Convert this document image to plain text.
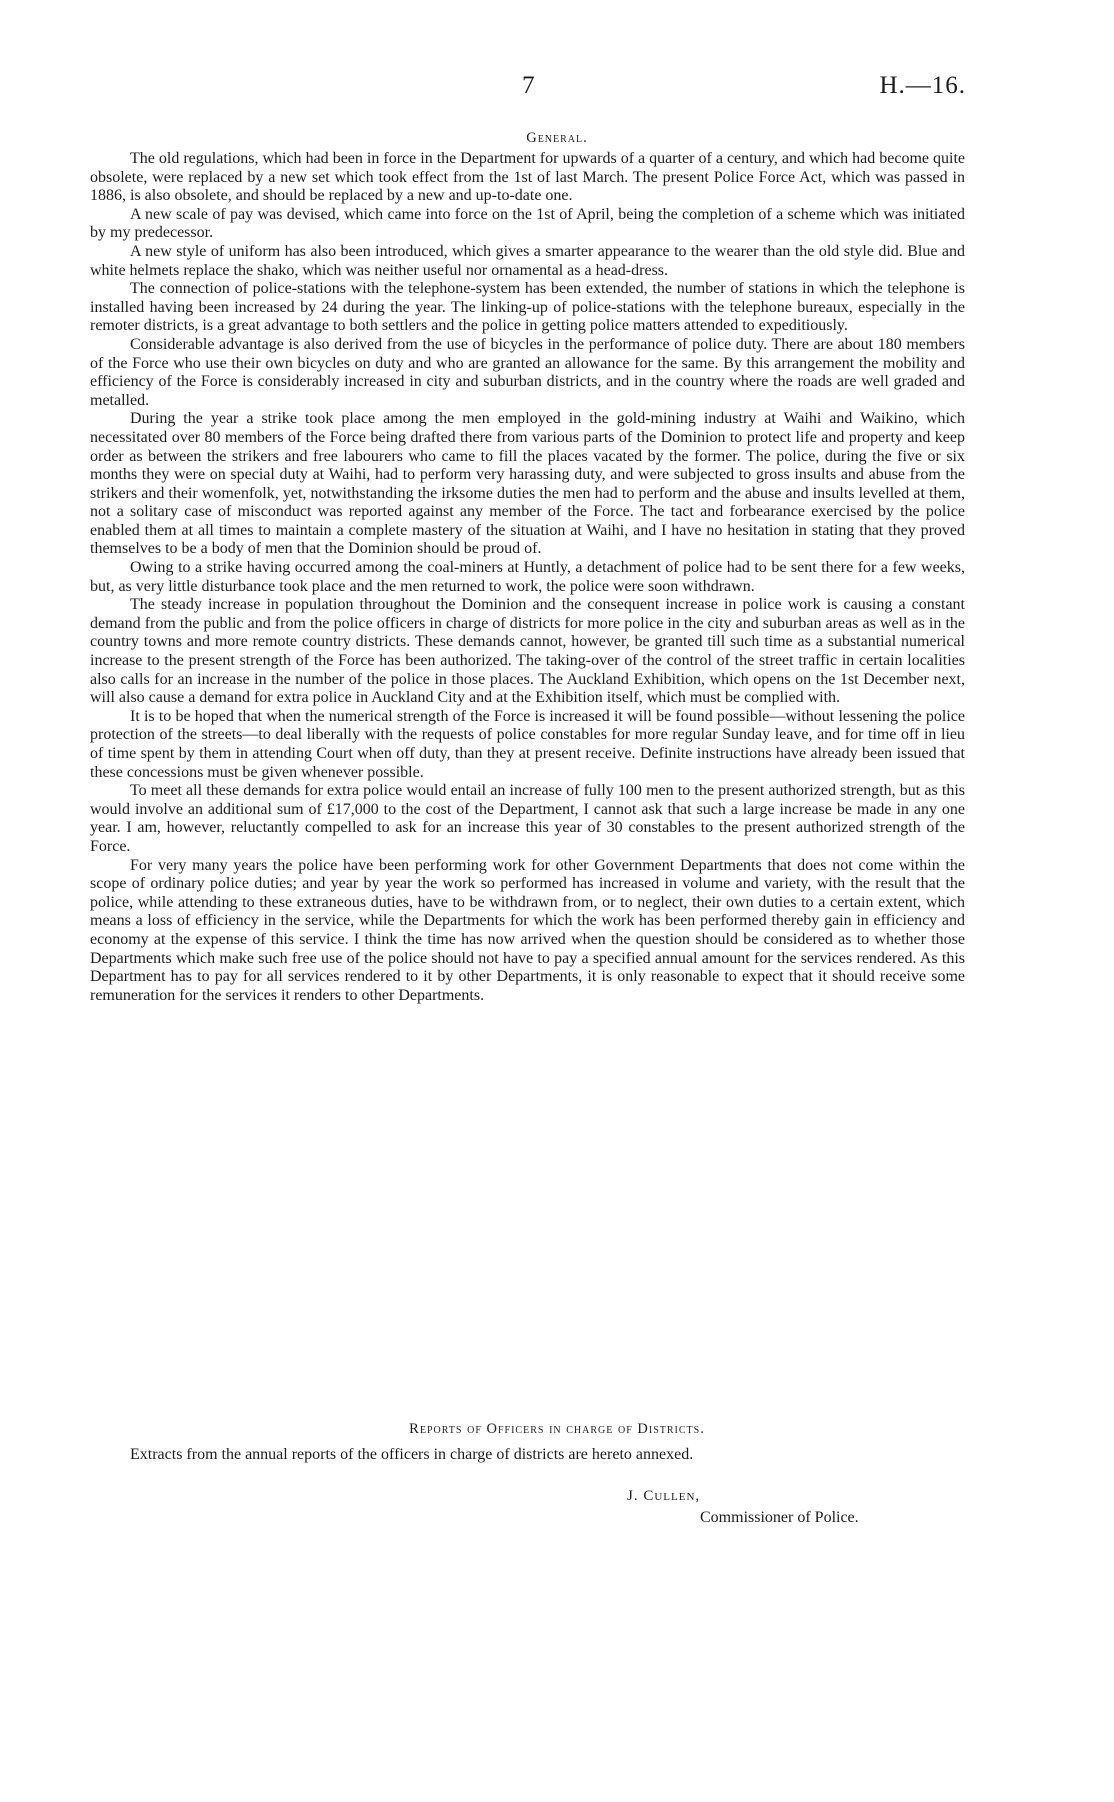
7	H.—16.
General.

The old regulations, which had been in force in the Department for upwards of a quarter of a century, and which had become quite obsolete, were replaced by a new set which took effect from the 1st of last March. The present Police Force Act, which was passed in 1886, is also obsolete, and should be replaced by a new and up-to-date one.

A new scale of pay was devised, which came into force on the 1st of April, being the completion of a scheme which was initiated by my predecessor.

A new style of uniform has also been introduced, which gives a smarter appearance to the wearer than the old style did. Blue and white helmets replace the shako, which was neither useful nor ornamental as a head-dress.

The connection of police-stations with the telephone-system has been extended, the number of stations in which the telephone is installed having been increased by 24 during the year. The linking-up of police-stations with the telephone bureaux, especially in the remoter districts, is a great advantage to both settlers and the police in getting police matters attended to expeditiously.

Considerable advantage is also derived from the use of bicycles in the performance of police duty. There are about 180 members of the Force who use their own bicycles on duty and who are granted an allowance for the same. By this arrangement the mobility and efficiency of the Force is considerably increased in city and suburban districts, and in the country where the roads are well graded and metalled.

During the year a strike took place among the men employed in the gold-mining industry at Waihi and Waikino, which necessitated over 80 members of the Force being drafted there from various parts of the Dominion to protect life and property and keep order as between the strikers and free labourers who came to fill the places vacated by the former. The police, during the five or six months they were on special duty at Waihi, had to perform very harassing duty, and were subjected to gross insults and abuse from the strikers and their womenfolk, yet, notwithstanding the irksome duties the men had to perform and the abuse and insults levelled at them, not a solitary case of misconduct was reported against any member of the Force. The tact and forbearance exercised by the police enabled them at all times to maintain a complete mastery of the situation at Waihi, and I have no hesitation in stating that they proved themselves to be a body of men that the Dominion should be proud of.

Owing to a strike having occurred among the coal-miners at Huntly, a detachment of police had to be sent there for a few weeks, but, as very little disturbance took place and the men returned to work, the police were soon withdrawn.

The steady increase in population throughout the Dominion and the consequent increase in police work is causing a constant demand from the public and from the police officers in charge of districts for more police in the city and suburban areas as well as in the country towns and more remote country districts. These demands cannot, however, be granted till such time as a substantial numerical increase to the present strength of the Force has been authorized. The taking-over of the control of the street traffic in certain localities also calls for an increase in the number of the police in those places. The Auckland Exhibition, which opens on the 1st December next, will also cause a demand for extra police in Auckland City and at the Exhibition itself, which must be complied with.

It is to be hoped that when the numerical strength of the Force is increased it will be found possible—without lessening the police protection of the streets—to deal liberally with the requests of police constables for more regular Sunday leave, and for time off in lieu of time spent by them in attending Court when off duty, than they at present receive. Definite instructions have already been issued that these concessions must be given whenever possible.

To meet all these demands for extra police would entail an increase of fully 100 men to the present authorized strength, but as this would involve an additional sum of £17,000 to the cost of the Department, I cannot ask that such a large increase be made in any one year. I am, however, reluctantly compelled to ask for an increase this year of 30 constables to the present authorized strength of the Force.

For very many years the police have been performing work for other Government Departments that does not come within the scope of ordinary police duties; and year by year the work so performed has increased in volume and variety, with the result that the police, while attending to these extraneous duties, have to be withdrawn from, or to neglect, their own duties to a certain extent, which means a loss of efficiency in the service, while the Departments for which the work has been performed thereby gain in efficiency and economy at the expense of this service. I think the time has now arrived when the question should be considered as to whether those Departments which make such free use of the police should not have to pay a specified annual amount for the services rendered. As this Department has to pay for all services rendered to it by other Departments, it is only reasonable to expect that it should receive some remuneration for the services it renders to other Departments.

Reports of Officers in charge of Districts.
Extracts from the annual reports of the officers in charge of districts are hereto annexed.
J. Cullen,
Commissioner of Police.
